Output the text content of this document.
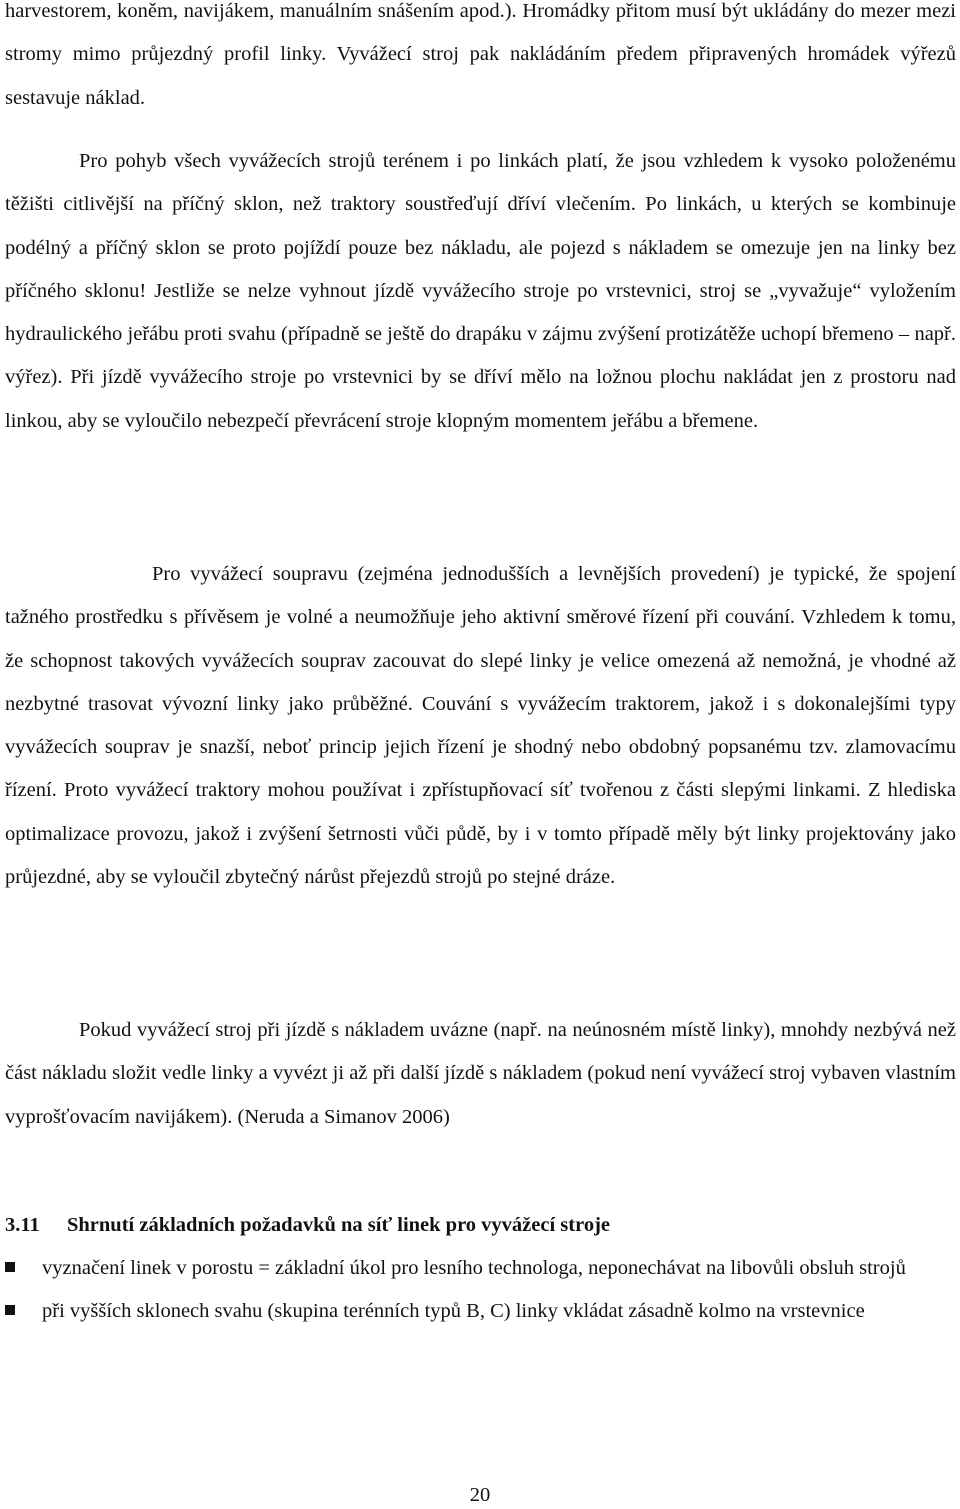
harvestorem, koněm, navijákem, manuálním snášením apod.). Hromádky přitom musí být ukládány do mezer mezi stromy mimo průjezdný profil linky. Vyvážecí stroj pak nakládáním předem připravených hromádek výřezů sestavuje náklad.

Pro pohyb všech vyvážecích strojů terénem i po linkách platí, že jsou vzhledem k vysoko položenému těžišti citlivější na příčný sklon, než traktory soustřeďují dříví vlečením. Po linkách, u kterých se kombinuje podélný a příčný sklon se proto pojíždí pouze bez nákladu, ale pojezd s nákladem se omezuje jen na linky bez příčného sklonu! Jestliže se nelze vyhnout jízdě vyvážecího stroje po vrstevnici, stroj se „vyvažuje“ vyložením hydraulického jeřábu proti svahu (případně se ještě do drapáku v zájmu zvýšení protizátěže uchopí břemeno – např. výřez). Při jízdě vyvážecího stroje po vrstevnici by se dříví mělo na ložnou plochu nakládat jen z prostoru nad linkou, aby se vyloučilo nebezpečí převrácení stroje klopným momentem jeřábu a břemene.

Pro vyvážecí soupravu (zejména jednodušších a levnějších provedení) je typické, že spojení tažného prostředku s přívěsem je volné a neumožňuje jeho aktivní směrové řízení při couvání. Vzhledem k tomu, že schopnost takových vyvážecích souprav zacouvat do slepé linky je velice omezená až nemožná, je vhodné až nezbytné trasovat vývozní linky jako průběžné. Couvání s vyvážecím traktorem, jakož i s dokonalejšími typy vyvážecích souprav je snazší, neboť princip jejich řízení je shodný nebo obdobný popsanému tzv. zlamovacímu řízení. Proto vyvážecí traktory mohou používat i zpřístupňovací síť tvořenou z části slepými linkami. Z hlediska optimalizace provozu, jakož i zvýšení šetrnosti vůči půdě, by i v tomto případě měly být linky projektovány jako průjezdné, aby se vyloučil zbytečný nárůst přejezdů strojů po stejné dráze.

Pokud vyvážecí stroj při jízdě s nákladem uvázne (např. na neúnosném místě linky), mnohdy nezbývá než část nákladu složit vedle linky a vyvézt ji až při další jízdě s nákladem (pokud není vyvážecí stroj vybaven vlastním vyprošťovacím navijákem). (Neruda a Simanov 2006)

3.11 Shrnutí základních požadavků na síť linek pro vyvážecí stroje
vyznačení linek v porostu = základní úkol pro lesního technologa, neponechávat na libovůli obsluh strojů
při vyšších sklonech svahu (skupina terénních typů B, C) linky vkládat zásadně kolmo na vrstevnice
20
